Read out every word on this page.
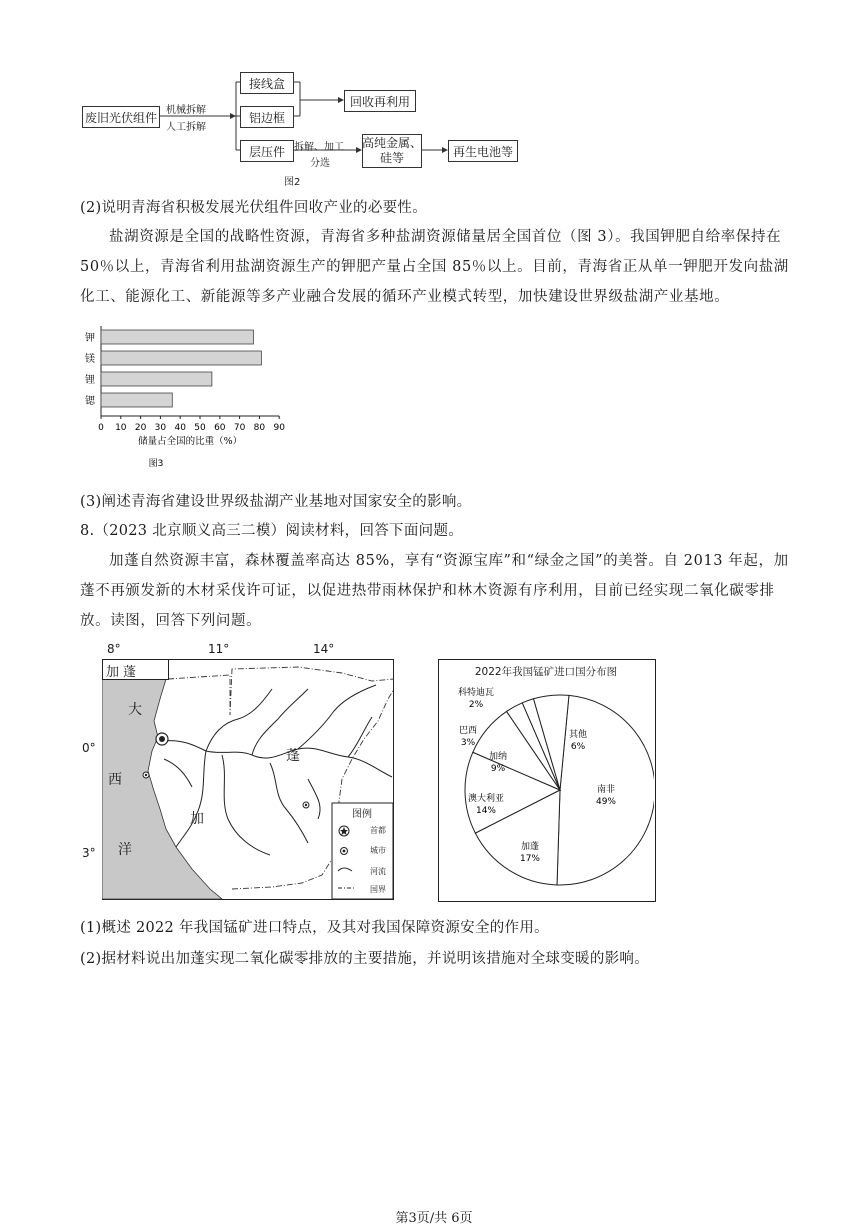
废旧光伏组件 机械拆解
人工拆解
接线盒
铝边框
层压件
回收再利用
拆解、加工
分选
高纯金属、
硅等	再生电池等
图2
(2)说明青海省积极发展光伏组件回收产业的必要性。
盐湖资源是全国的战略性资源，青海省多种盐湖资源储量居全国首位（图 3）。我国钾肥自给率保持在 50％以上，青海省利用盐湖资源生产的钾肥产量占全国 85％以上。目前，青海省正从单一钾肥开发向盐湖化工、能源化工、新能源等多产业融合发展的循环产业模式转型，加快建设世界级盐湖产业基地。
钾
镁
锂
锶
0 10 20 30 40 50 60 70 80 90
储量占全国的比重（%）
图3
(3)阐述青海省建设世界级盐湖产业基地对国家安全的影响。
8.（2023 北京顺义高三二模）阅读材料，回答下面问题。
加蓬自然资源丰富，森林覆盖率高达 85%，享有“资源宝库”和“绿金之国”的美誉。自 2013 年起，加蓬不再颁发新的木材采伐许可证，以促进热带雨林保护和林木资源有序利用，目前已经实现二氧化碳零排放。读图，回答下列问题。
8°	11°	14°
0°
3°
加蓬
大
西
洋
蓬
加	图例
首都
城市
河流
国界
2022年我国锰矿进口国分布图
南非
49%
加蓬
17%
澳大利亚
14%
加纳
9%
巴西
3%
科特迪瓦
2%
其他
6%
(1)概述 2022 年我国锰矿进口特点，及其对我国保障资源安全的作用。
(2)据材料说出加蓬实现二氧化碳零排放的主要措施，并说明该措施对全球变暖的影响。
第3页/共 6页
